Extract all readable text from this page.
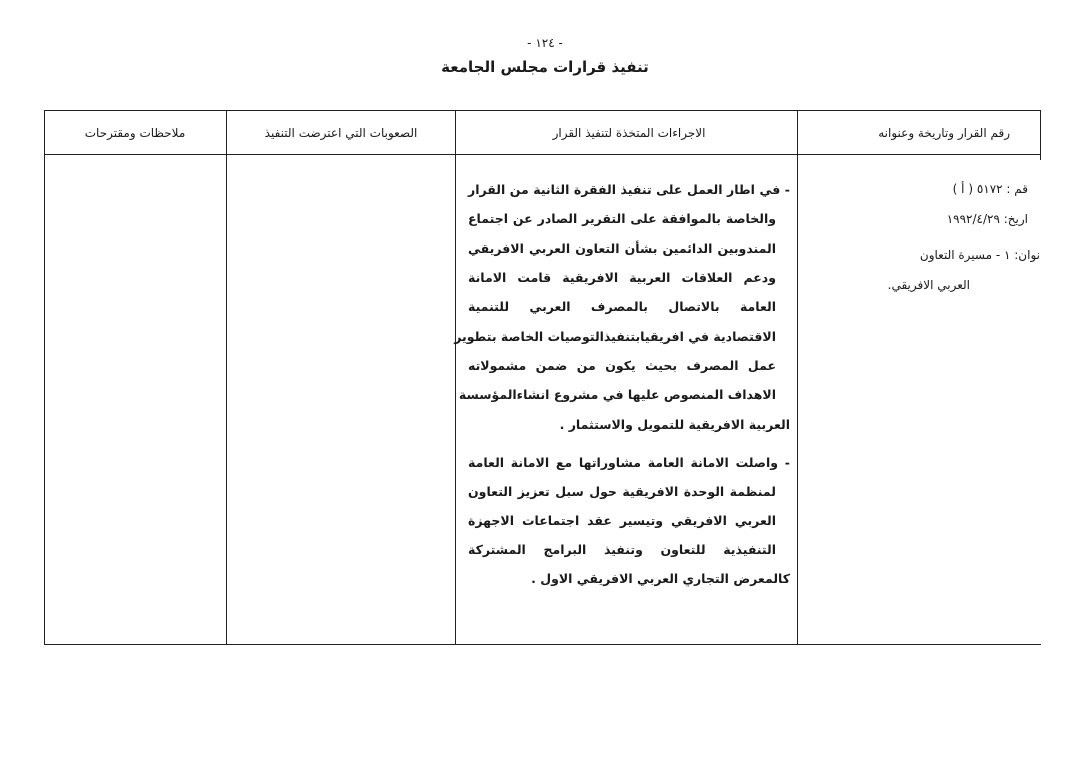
- ١٢٤ -
تنفيذ قرارات مجلس الجامعة
رقم القرار وتاريخة وعنوانه
الاجراءات المتخذة لتنفيذ القرار
الصعوبات التي اعترضت التنفيذ
ملاحظات ومقترحات
قم : ٥١٧٢ ( أ )
اريخ: ١٩٩٢/٤/٢٩
نوان: ١ - مسيرة التعاون
العربي الافريقي.
- في اطار العمل على تنفيذ الفقرة الثانية من القرار
والخاصة بالموافقة على التقرير الصادر عن اجتماع
المندوبين الدائمين بشأن التعاون العربي الافريقي
ودعم العلاقات العربية الافريقية قامت الامانة
العامة بالاتصال بالمصرف العربي للتنمية
الاقتصادية في افريقيابتنفيذالتوصيات الخاصة بتطوير
عمل المصرف بحيث يكون من ضمن مشمولاته
الاهداف المنصوص عليها في مشروع انشاءالمؤسسة
العربية الافريقية للتمويل والاستثمار .
- واصلت الامانة العامة مشاوراتها مع الامانة العامة
لمنظمة الوحدة الافريقية حول سبل تعزيز التعاون
العربي الافريقي وتيسير عقد اجتماعات الاجهزة
التنفيذية للتعاون وتنفيذ البرامج المشتركة
كالمعرض التجاري العربي الافريقي الاول .
